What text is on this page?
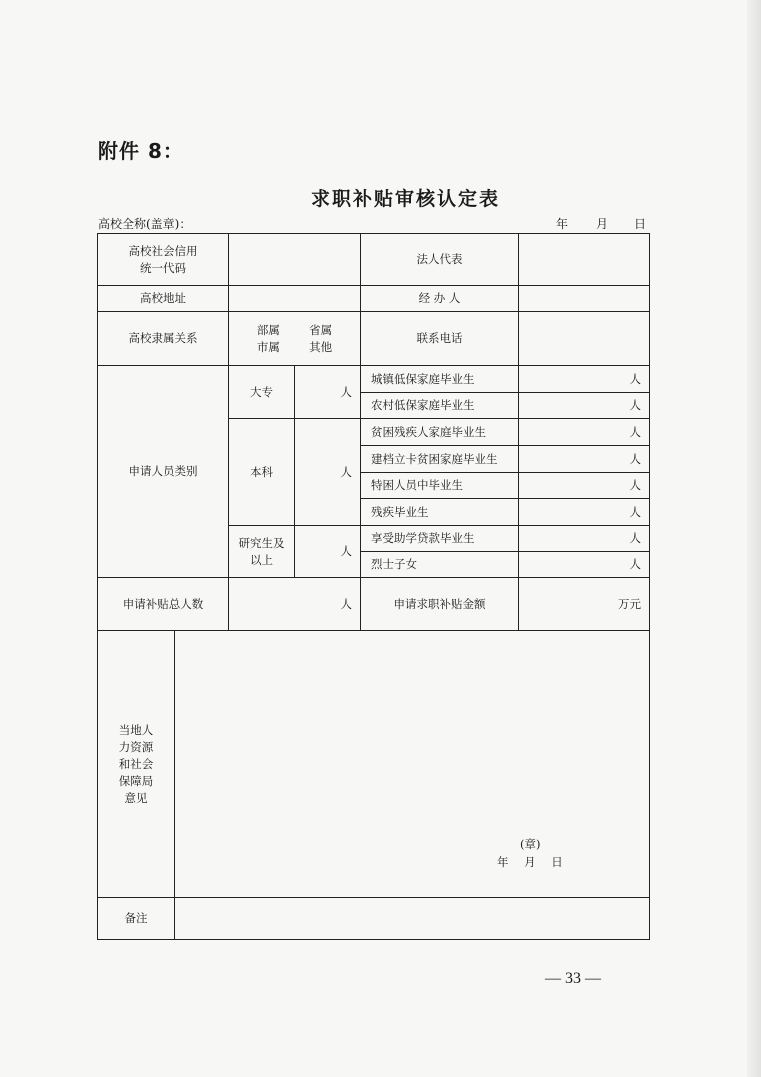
附件 8：
求职补贴审核认定表
高校全称(盖章)：	年 月 日
高校社会信用
统一代码				法人代表	
高校地址				经 办 人	
高校隶属关系		部属 省属
市属 其他		联系电话	
申请人员类别		大专	人	城镇低保家庭毕业生	人
				农村低保家庭毕业生	人
		本科	人	贫困残疾人家庭毕业生	人
				建档立卡贫困家庭毕业生	人
				特困人员中毕业生	人
				残疾毕业生	人

		研究生及
以上	人	享受助学贷款毕业生	人
				烈士子女	人
申请补贴总人数		人		申请求职补贴金额	万元

当地人
力资源
和社会
保障局
意见	(章)
年 月 日				

备注					
— 33 —
